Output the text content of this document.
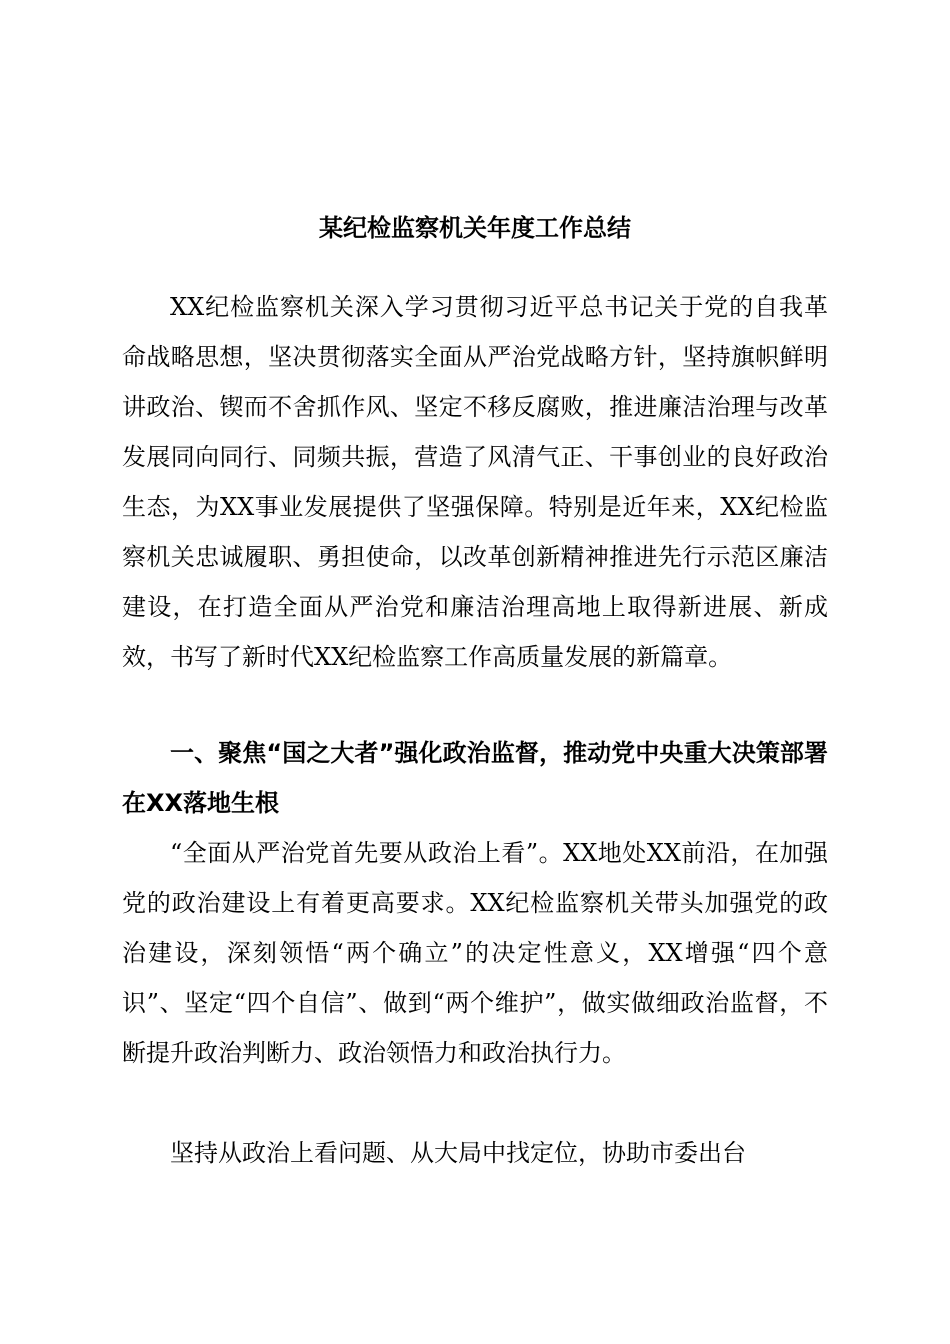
某纪检监察机关年度工作总结

XX纪检监察机关深入学习贯彻习近平总书记关于党的自我革命战略思想，坚决贯彻落实全面从严治党战略方针，坚持旗帜鲜明讲政治、锲而不舍抓作风、坚定不移反腐败，推进廉洁治理与改革发展同向同行、同频共振，营造了风清气正、干事创业的良好政治生态，为XX事业发展提供了坚强保障。特别是近年来，XX纪检监察机关忠诚履职、勇担使命，以改革创新精神推进先行示范区廉洁建设，在打造全面从严治党和廉洁治理高地上取得新进展、新成效，书写了新时代XX纪检监察工作高质量发展的新篇章。

一、聚焦“国之大者”强化政治监督，推动党中央重大决策部署在XX落地生根

“全面从严治党首先要从政治上看”。XX地处XX前沿，在加强党的政治建设上有着更高要求。XX纪检监察机关带头加强党的政治建设，深刻领悟“两个确立”的决定性意义，XX增强“四个意识”、坚定“四个自信”、做到“两个维护”，做实做细政治监督，不断提升政治判断力、政治领悟力和政治执行力。

坚持从政治上看问题、从大局中找定位，协助市委出台
